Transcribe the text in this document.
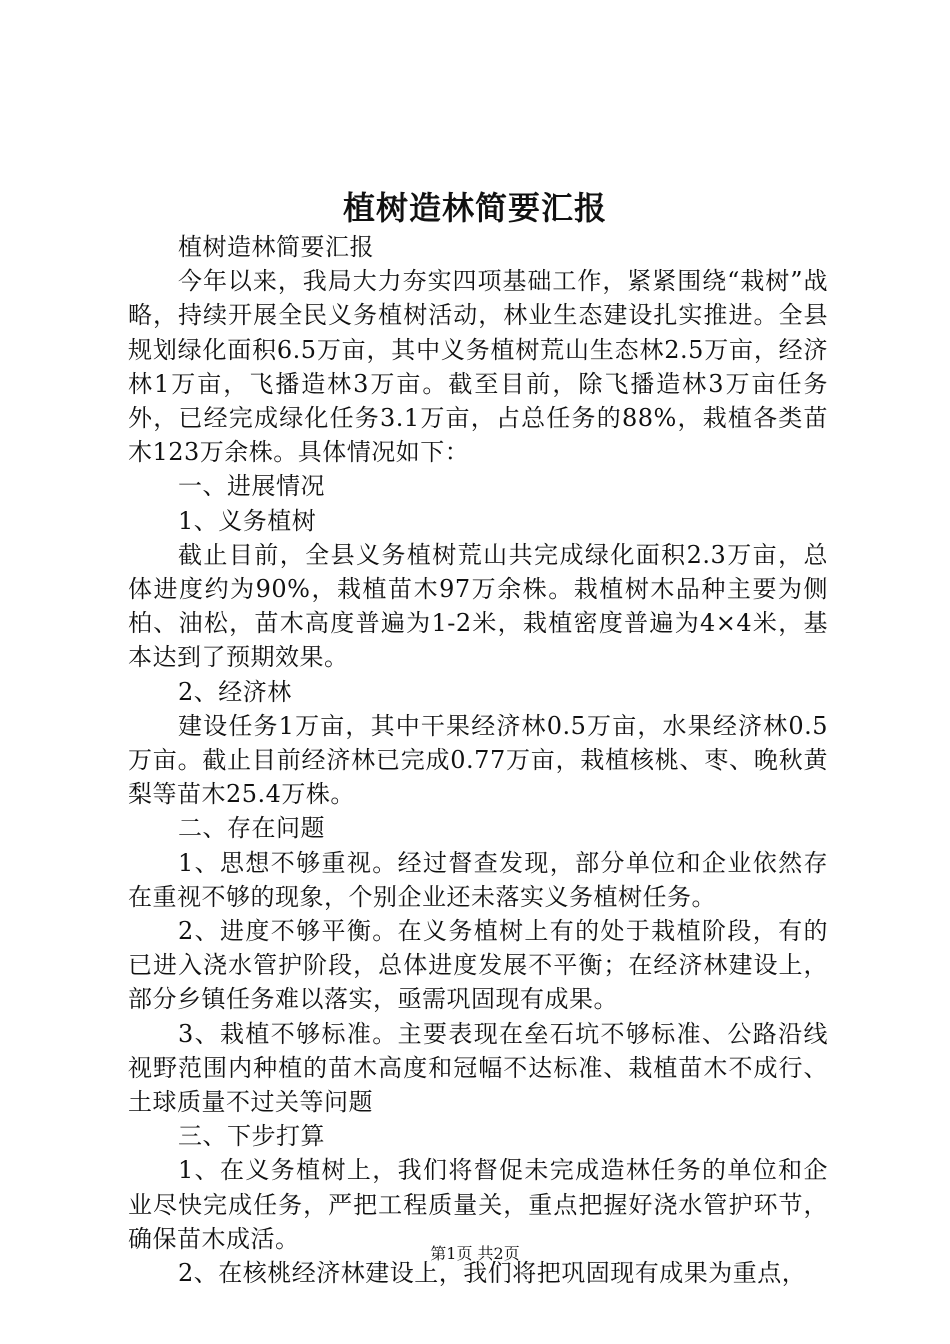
植树造林简要汇报

植树造林简要汇报

今年以来，我局大力夯实四项基础工作，紧紧围绕“栽树”战略，持续开展全民义务植树活动，林业生态建设扎实推进。全县规划绿化面积6.5万亩，其中义务植树荒山生态林2.5万亩，经济林1万亩，飞播造林3万亩。截至目前，除飞播造林3万亩任务外，已经完成绿化任务3.1万亩，占总任务的88%，栽植各类苗木123万余株。具体情况如下：

一、进展情况

1、义务植树

截止目前，全县义务植树荒山共完成绿化面积2.3万亩，总体进度约为90%，栽植苗木97万余株。栽植树木品种主要为侧柏、油松，苗木高度普遍为1-2米，栽植密度普遍为4×4米，基本达到了预期效果。

2、经济林

建设任务1万亩，其中干果经济林0.5万亩，水果经济林0.5万亩。截止目前经济林已完成0.77万亩，栽植核桃、枣、晚秋黄梨等苗木25.4万株。

二、存在问题

1、思想不够重视。经过督查发现，部分单位和企业依然存在重视不够的现象，个别企业还未落实义务植树任务。

2、进度不够平衡。在义务植树上有的处于栽植阶段，有的已进入浇水管护阶段，总体进度发展不平衡；在经济林建设上，部分乡镇任务难以落实，亟需巩固现有成果。

3、栽植不够标准。主要表现在垒石坑不够标准、公路沿线视野范围内种植的苗木高度和冠幅不达标准、栽植苗木不成行、土球质量不过关等问题

三、下步打算

1、在义务植树上，我们将督促未完成造林任务的单位和企业尽快完成任务，严把工程质量关，重点把握好浇水管护环节，确保苗木成活。

2、在核桃经济林建设上，我们将把巩固现有成果为重点，

第1页 共2页
